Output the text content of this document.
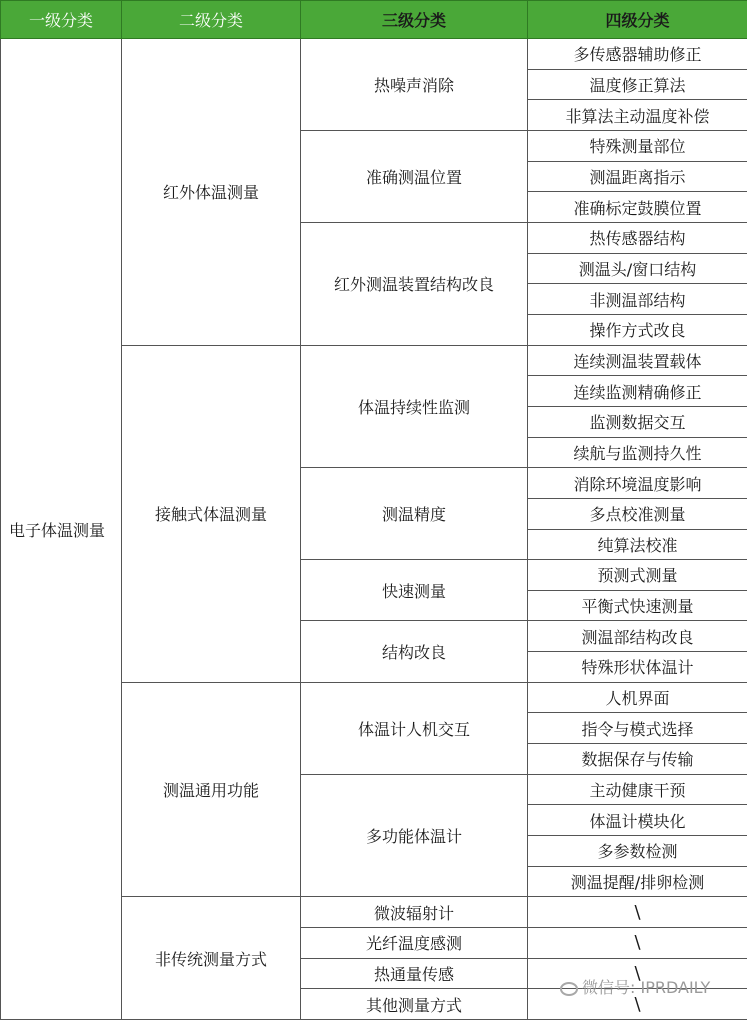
一级分类	二级分类	三级分类	四级分类
电子体温测量	红外体温测量	热噪声消除	多传感器辅助修正
			温度修正算法
			非算法主动温度补偿
		准确测温位置	特殊测量部位
			测温距离指示
			准确标定鼓膜位置
		红外测温装置结构改良	热传感器结构
			测温头/窗口结构
			非测温部结构
			操作方式改良
	接触式体温测量	体温持续性监测	连续测温装置载体
			连续监测精确修正
			监测数据交互
			续航与监测持久性
		测温精度	消除环境温度影响
			多点校准测量
			纯算法校准
		快速测量	预测式测量
			平衡式快速测量
		结构改良	测温部结构改良
			特殊形状体温计
	测温通用功能	体温计人机交互	人机界面
			指令与模式选择
			数据保存与传输
		多功能体温计	主动健康干预
			体温计模块化
			多参数检测
			测温提醒/排卵检测
	非传统测量方式	微波辐射计	\
		光纤温度感测	\
		热通量传感	\
		其他测量方式	\
微信号: IPRDAILY
